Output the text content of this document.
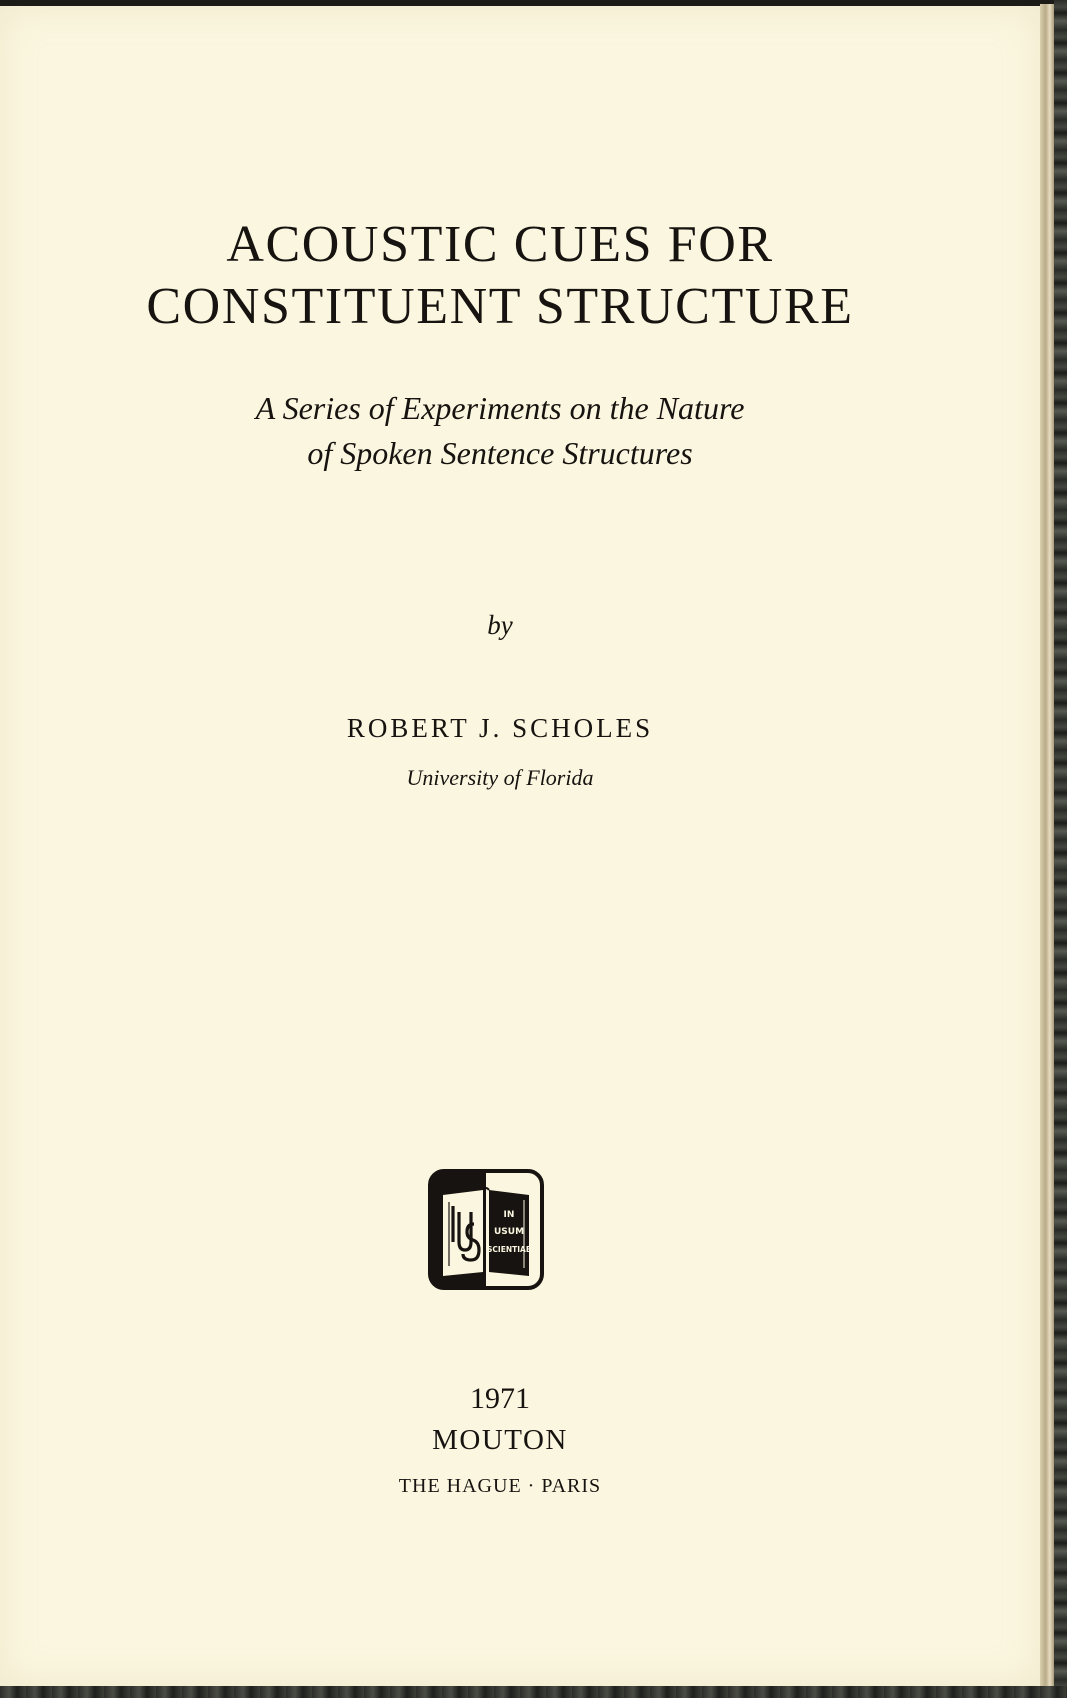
ACOUSTIC CUES FOR
CONSTITUENT STRUCTURE
A Series of Experiments on the Nature
of Spoken Sentence Structures
by
ROBERT J. SCHOLES
University of Florida
IN
USUM
SCIENTIAE
1971
MOUTON
THE HAGUE · PARIS
